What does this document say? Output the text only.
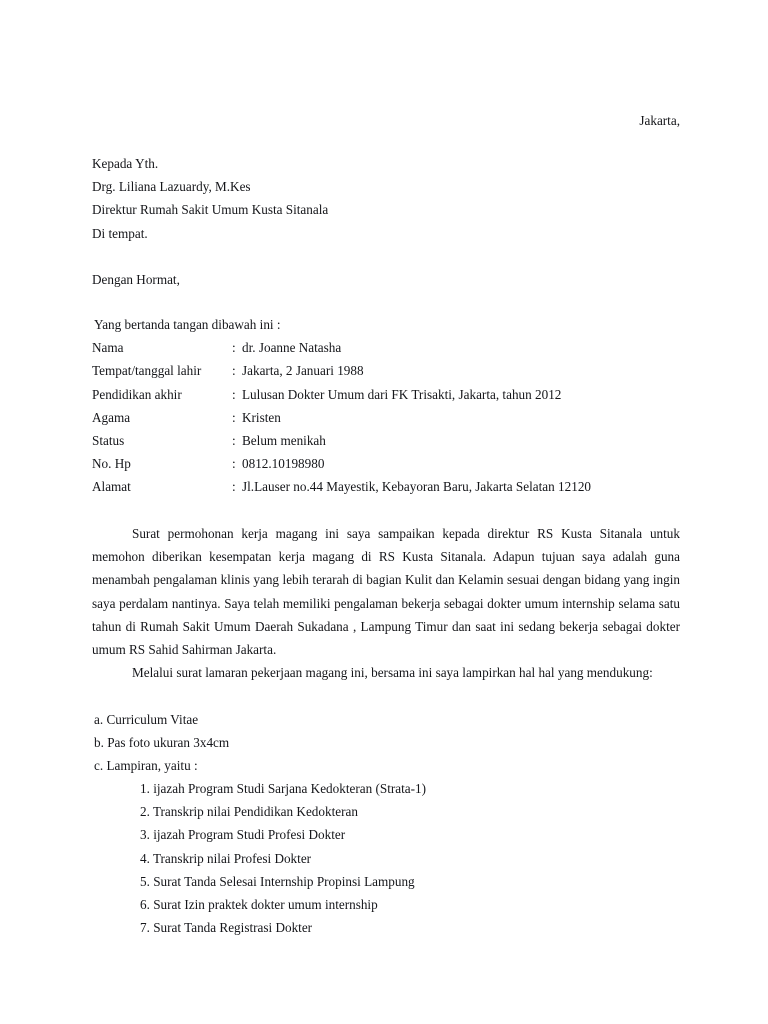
Jakarta,
Kepada Yth.
Drg. Liliana Lazuardy, M.Kes
Direktur Rumah Sakit Umum Kusta Sitanala
Di tempat.
Dengan Hormat,
Yang bertanda tangan dibawah ini :
Nama	: dr. Joanne Natasha
Tempat/tanggal lahir	: Jakarta, 2 Januari 1988
Pendidikan akhir	: Lulusan Dokter Umum dari FK Trisakti, Jakarta, tahun 2012
Agama	: Kristen
Status	: Belum menikah
No. Hp	: 0812.10198980
Alamat	: Jl.Lauser no.44 Mayestik, Kebayoran Baru, Jakarta Selatan 12120

Surat permohonan kerja magang ini saya sampaikan kepada direktur RS Kusta Sitanala untuk memohon diberikan kesempatan kerja magang di RS Kusta Sitanala. Adapun tujuan saya adalah guna menambah pengalaman klinis yang lebih terarah di bagian Kulit dan Kelamin sesuai dengan bidang yang ingin saya perdalam nantinya. Saya telah memiliki pengalaman bekerja sebagai dokter umum internship selama satu tahun di Rumah Sakit Umum Daerah Sukadana , Lampung Timur dan saat ini sedang bekerja sebagai dokter umum RS Sahid Sahirman Jakarta.

Melalui surat lamaran pekerjaan magang ini, bersama ini saya lampirkan hal hal yang mendukung:

a. Curriculum Vitae
b. Pas foto ukuran 3x4cm
c. Lampiran, yaitu :
1. ijazah Program Studi Sarjana Kedokteran (Strata-1)
2. Transkrip nilai Pendidikan Kedokteran
3. ijazah Program Studi Profesi Dokter
4. Transkrip nilai Profesi Dokter
5. Surat Tanda Selesai Internship Propinsi Lampung
6. Surat Izin praktek dokter umum internship
7. Surat Tanda Registrasi Dokter
